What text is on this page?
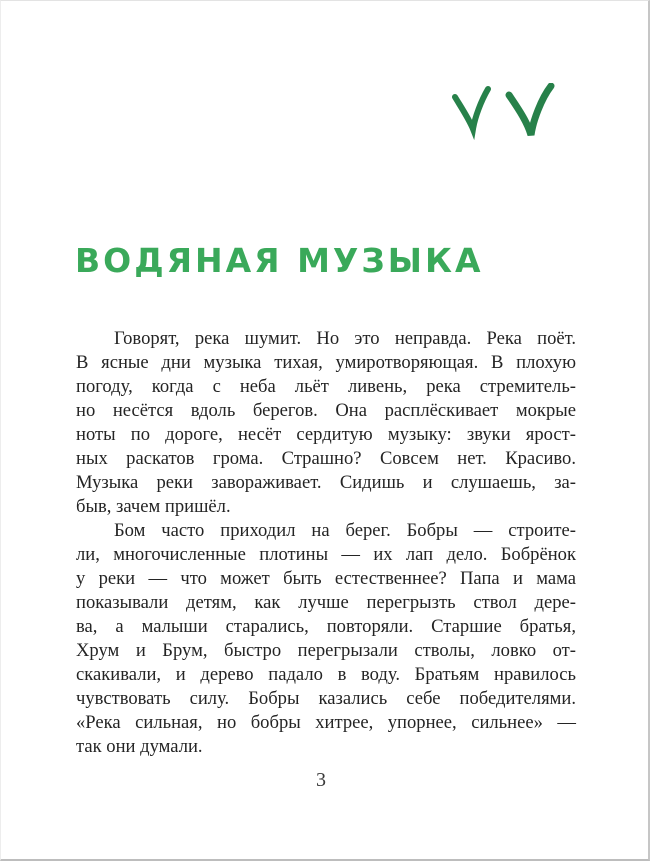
ВОДЯНАЯ МУЗЫКА

Говорят, река шумит. Но это неправда. Река поёт.
В ясные дни музыка тихая, умиротворяющая. В плохую
погоду, когда с неба льёт ливень, река стремитель-
но несётся вдоль берегов. Она расплёскивает мокрые
ноты по дороге, несёт сердитую музыку: звуки ярост-
ных раскатов грома. Страшно? Совсем нет. Красиво.
Музыка реки завораживает. Сидишь и слушаешь, за-
быв, зачем пришёл.

Бом часто приходил на берег. Бобры — строите-
ли, многочисленные плотины — их лап дело. Бобрёнок
у реки — что может быть естественнее? Папа и мама
показывали детям, как лучше перегрызть ствол дере-
ва, а малыши старались, повторяли. Старшие братья,
Хрум и Брум, быстро перегрызали стволы, ловко от-
скакивали, и дерево падало в воду. Братьям нравилось
чувствовать силу. Бобры казались себе победителями.
«Река сильная, но бобры хитрее, упорнее, сильнее» —
так они думали.

3
